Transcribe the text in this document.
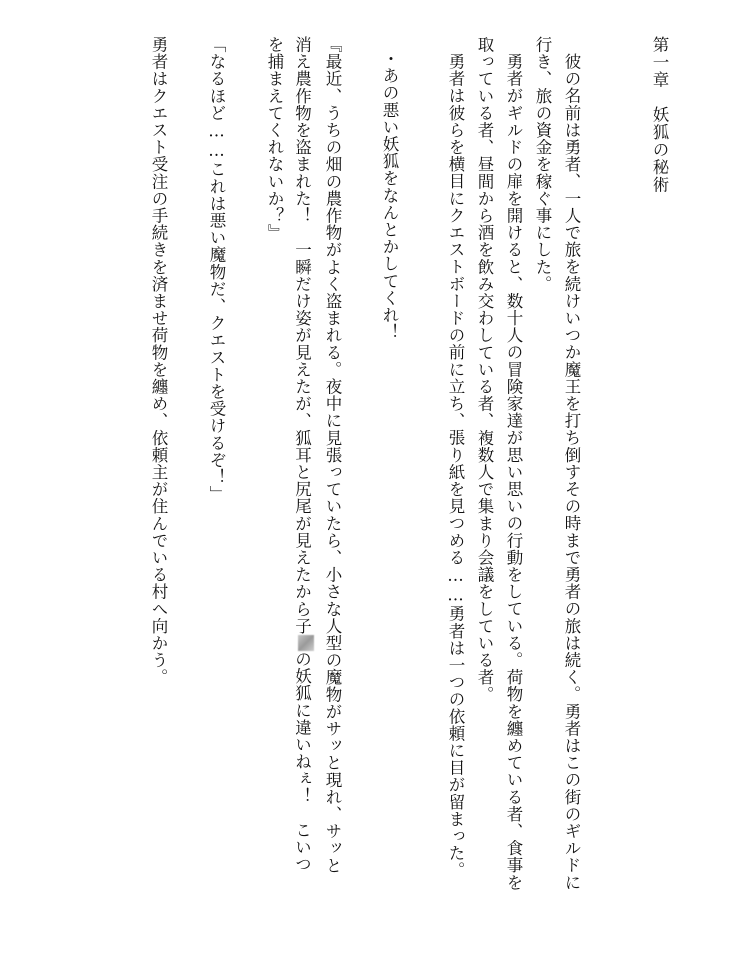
第一章　妖狐の秘術

彼の名前は勇者、一人で旅を続けいつか魔王を打ち倒すその時まで勇者の旅は続く。勇者はこの街のギルドに

行き、旅の資金を稼ぐ事にした。

勇者がギルドの扉を開けると、数十人の冒険家達が思い思いの行動をしている。荷物を纏めている者、食事を

取っている者、昼間から酒を飲み交わしている者、複数人で集まり会議をしている者。

勇者は彼らを横目にクエストボードの前に立ち、張り紙を見つめる……勇者は一つの依頼に目が留まった。

・あの悪い妖狐をなんとかしてくれ！

『最近、うちの畑の農作物がよく盗まれる。夜中に見張っていたら、小さな人型の魔物がサッと現れ、サッと

消え農作物を盗まれた！　一瞬だけ姿が見えたが、狐耳と尻尾が見えたから子の妖狐に違いねぇ！　こいつ

を捕まえてくれないか？』

「なるほど……これは悪い魔物だ、クエストを受けるぞ！」

勇者はクエスト受注の手続きを済ませ荷物を纏め、依頼主が住んでいる村へ向かう。
